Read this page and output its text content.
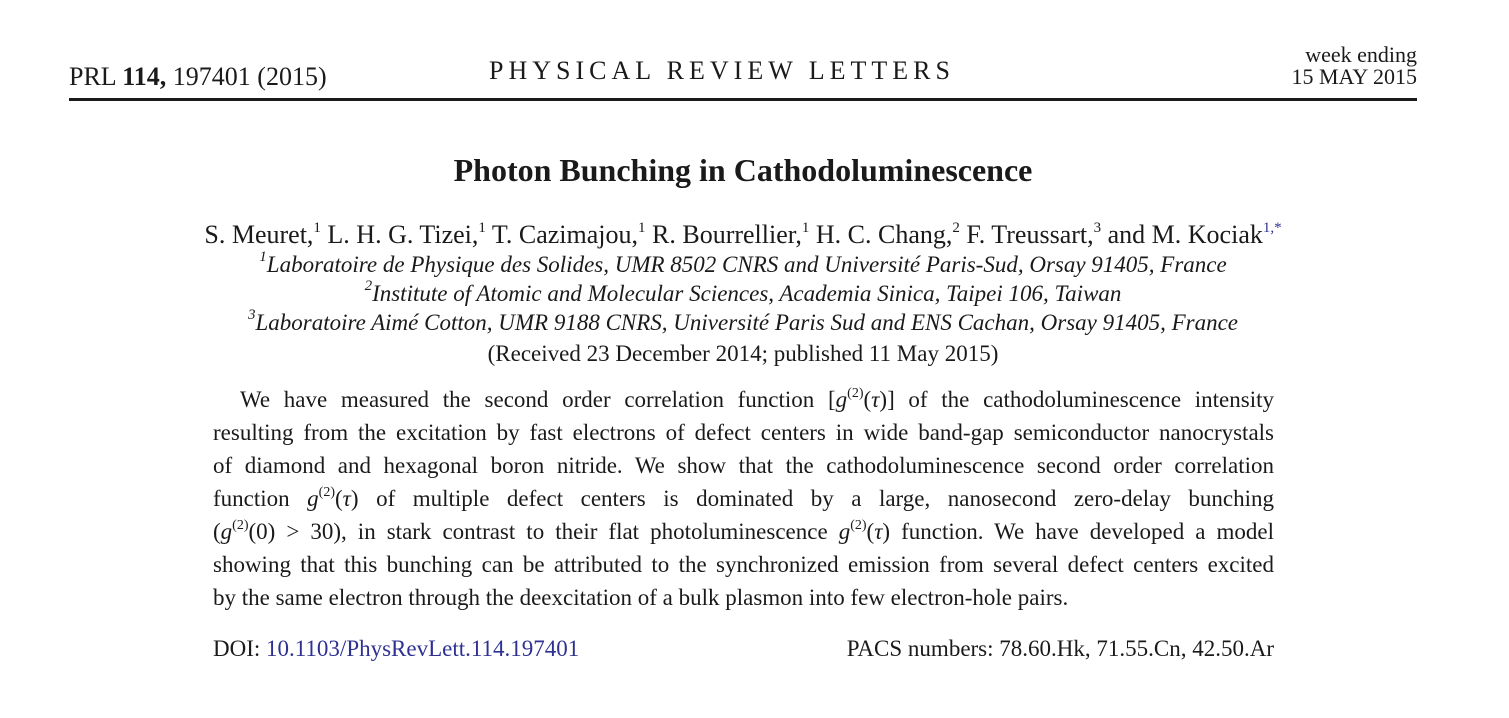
PRL 114, 197401 (2015)	PHYSICAL REVIEW LETTERS
week ending
15 MAY 2015
Photon Bunching in Cathodoluminescence
S. Meuret,$^1$ L. H. G. Tizei,$^1$ T. Cazimajou,$^1$ R. Bourrellier,$^1$ H. C. Chang,$^2$ F. Treussart,$^3$ and M. Kociak$^{1,*}$
$^1$Laboratoire de Physique des Solides, UMR 8502 CNRS and Université Paris-Sud, Orsay 91405, France
$^2$Institute of Atomic and Molecular Sciences, Academia Sinica, Taipei 106, Taiwan
$^3$Laboratoire Aimé Cotton, UMR 9188 CNRS, Université Paris Sud and ENS Cachan, Orsay 91405, France
(Received 23 December 2014; published 11 May 2015)
We have measured the second order correlation function $[g^{(2)}(\tau)]$ of the cathodoluminescence intensity
resulting from the excitation by fast electrons of defect centers in wide band-gap semiconductor nanocrystals
of diamond and hexagonal boron nitride. We show that the cathodoluminescence second order correlation
function $g^{(2)}(\tau)$ of multiple defect centers is dominated by a large, nanosecond zero-delay bunching
$(g^{(2)}(0) > 30)$, in stark contrast to their flat photoluminescence $g^{(2)}(\tau)$ function. We have developed a model
showing that this bunching can be attributed to the synchronized emission from several defect centers excited
by the same electron through the deexcitation of a bulk plasmon into few electron-hole pairs.
DOI: 10.1103/PhysRevLett.114.197401	PACS numbers: 78.60.Hk, 71.55.Cn, 42.50.Ar
